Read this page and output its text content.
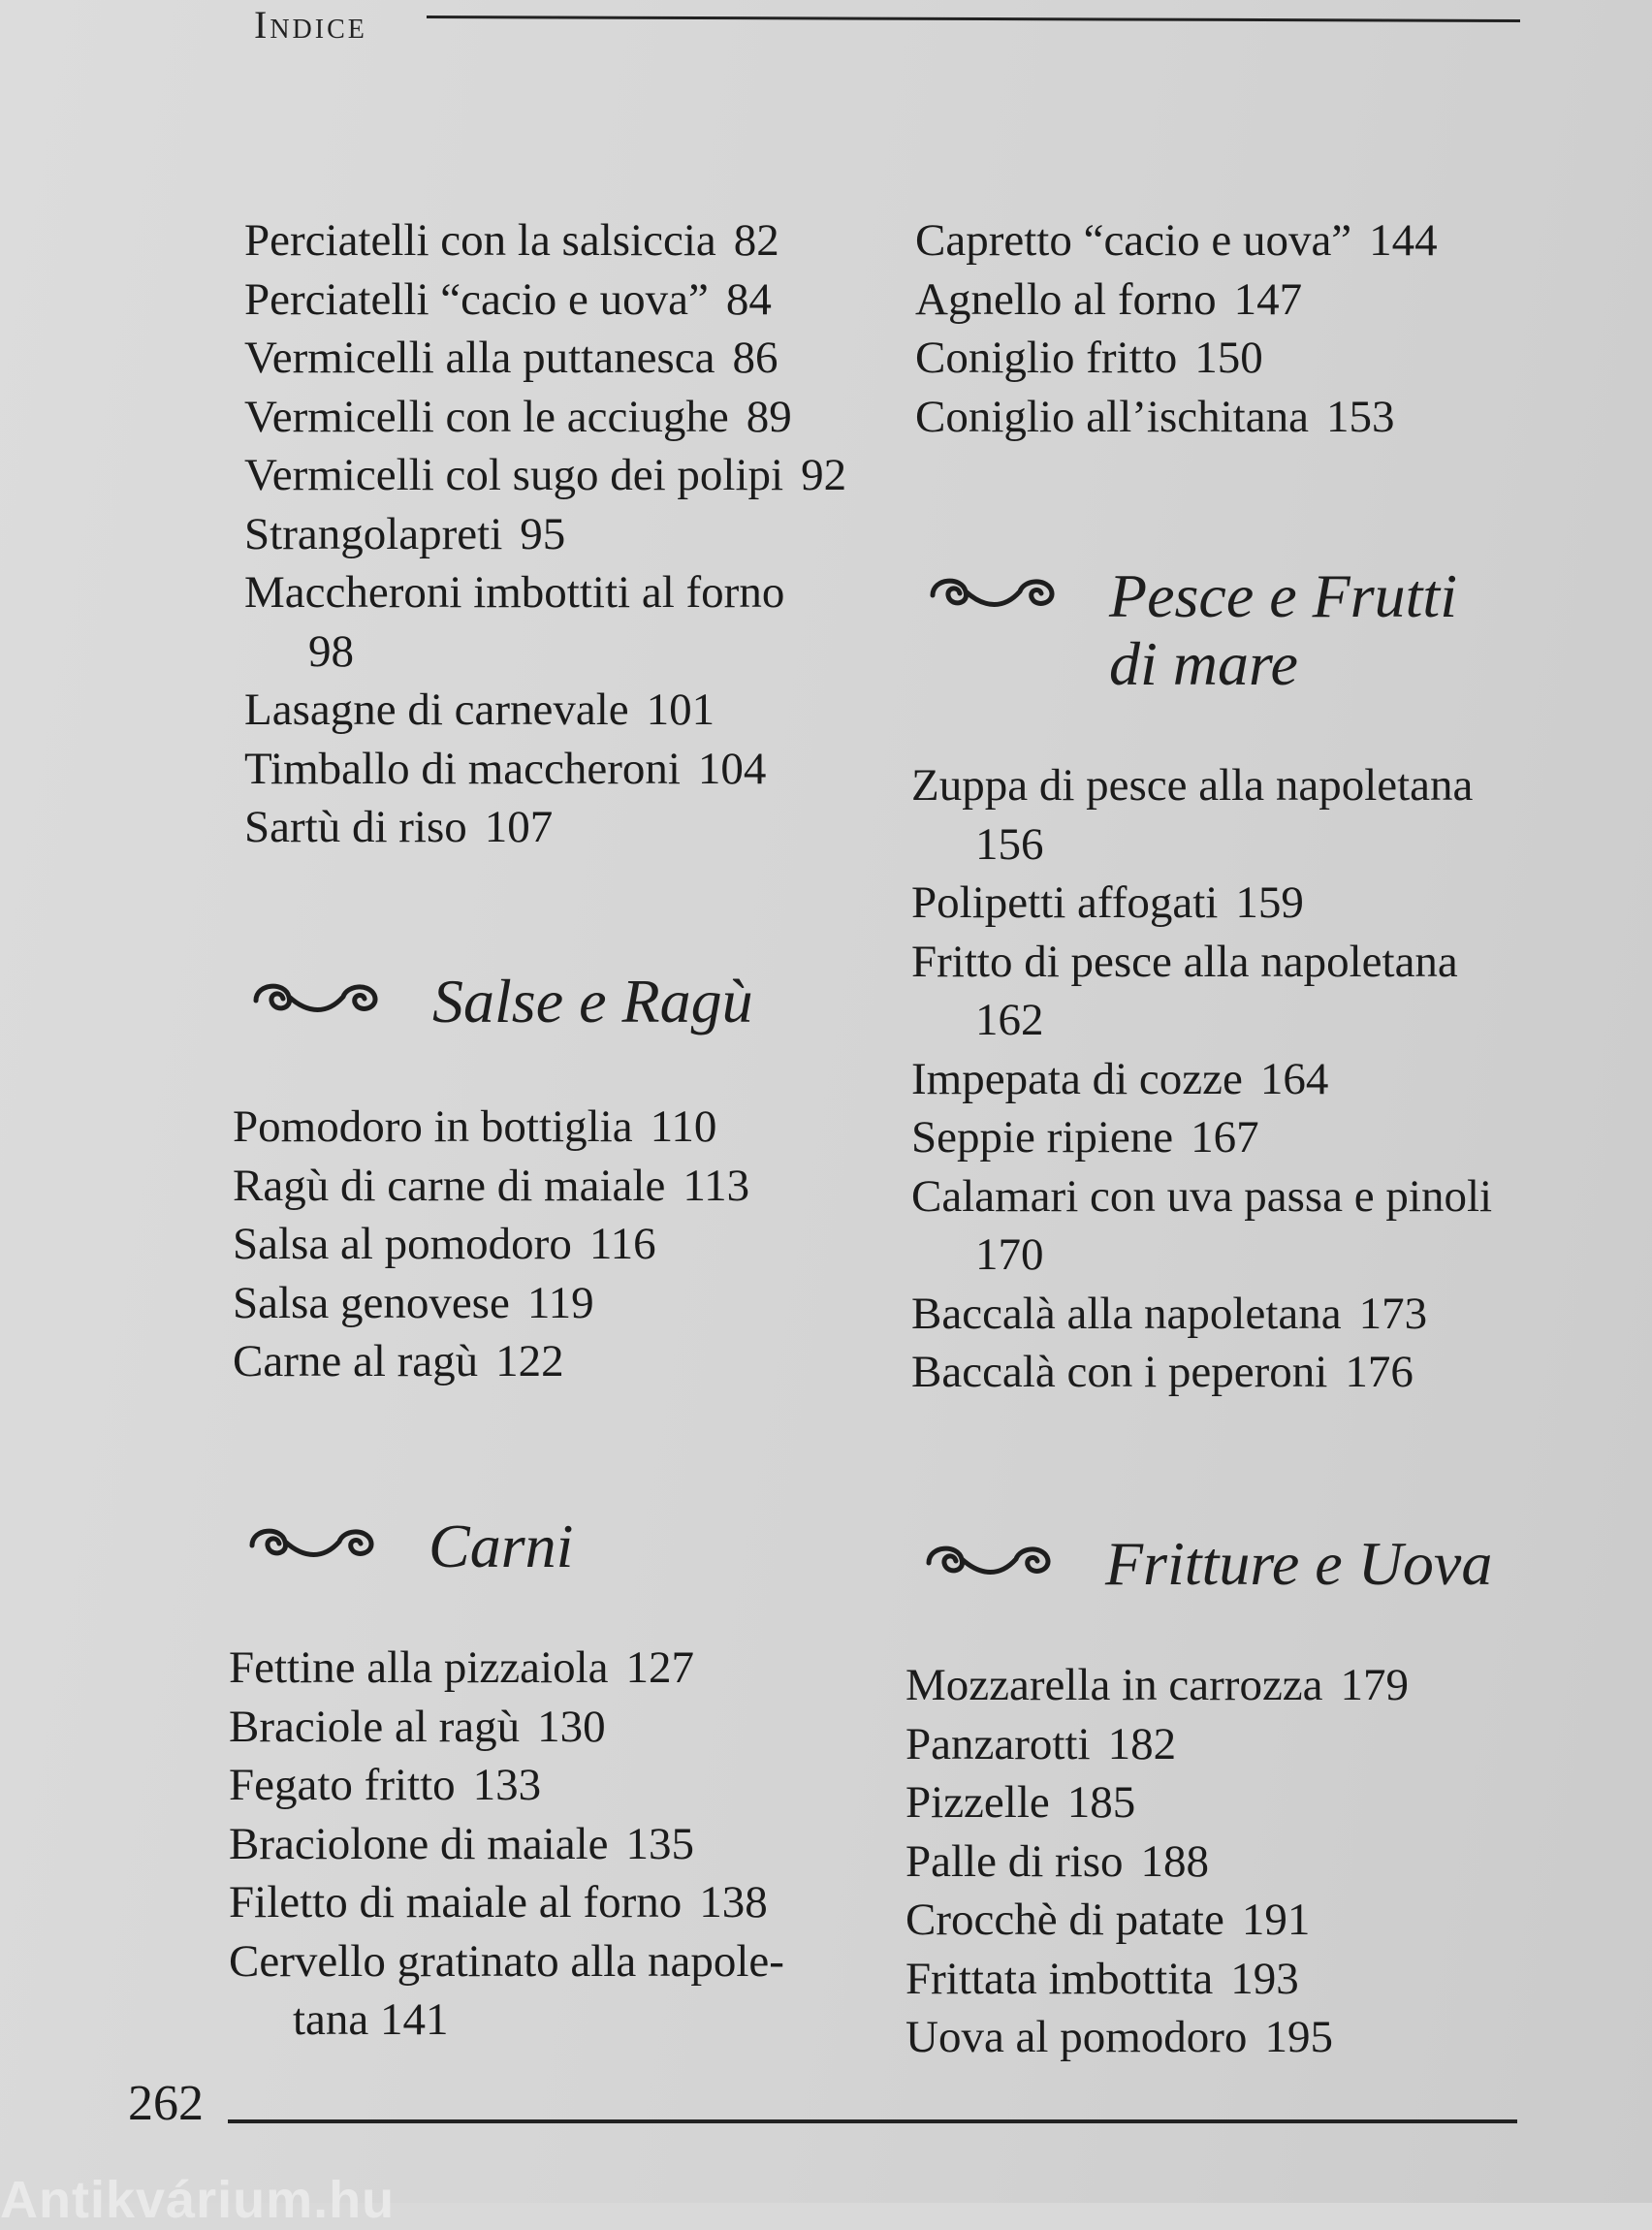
Indice
Perciatelli con la salsiccia 82
Perciatelli “cacio e uova” 84
Vermicelli alla puttanesca 86
Vermicelli con le acciughe 89
Vermicelli col sugo dei polipi 92
Strangolapreti 95
Maccheroni imbottiti al forno
98
Lasagne di carnevale 101
Timballo di maccheroni 104
Sartù di riso 107
Salse e Ragù
Pomodoro in bottiglia 110
Ragù di carne di maiale 113
Salsa al pomodoro 116
Salsa genovese 119
Carne al ragù 122
Carni
Fettine alla pizzaiola 127
Braciole al ragù 130
Fegato fritto 133
Braciolone di maiale 135
Filetto di maiale al forno 138
Cervello gratinato alla napole-
tana 141
Capretto “cacio e uova” 144
Agnello al forno 147
Coniglio fritto 150
Coniglio all’ischitana 153
Pesce e Frutti
di mare
Zuppa di pesce alla napoletana
156
Polipetti affogati 159
Fritto di pesce alla napoletana
162
Impepata di cozze 164
Seppie ripiene 167
Calamari con uva passa e pinoli
170
Baccalà alla napoletana 173
Baccalà con i peperoni 176
Fritture e Uova
Mozzarella in carrozza 179
Panzarotti 182
Pizzelle 185
Palle di riso 188
Crocchè di patate 191
Frittata imbottita 193
Uova al pomodoro 195
262
Antikvárium.hu
